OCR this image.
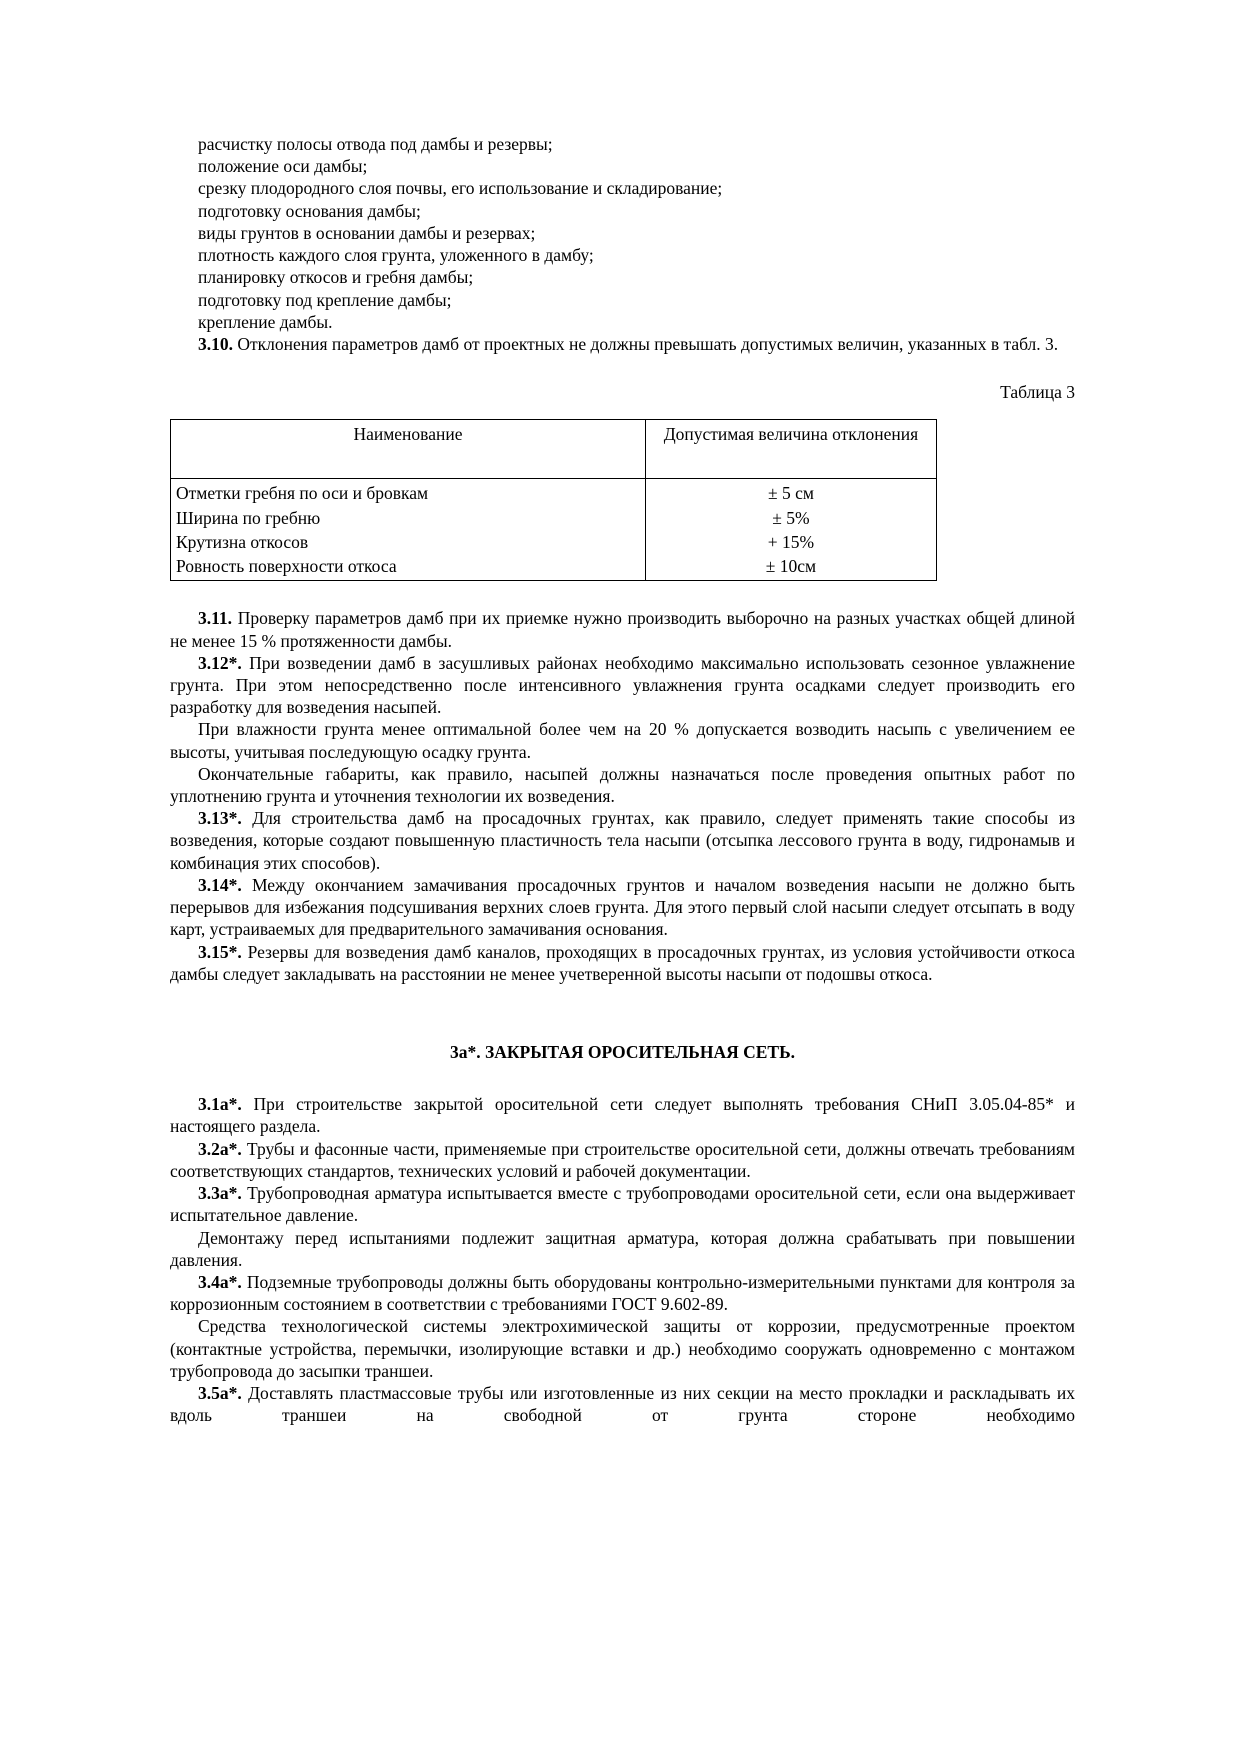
расчистку полосы отвода под дамбы и резервы;

положение оси дамбы;

срезку плодородного слоя почвы, его использование и складирование;

подготовку основания дамбы;

виды грунтов в основании дамбы и резервах;

плотность каждого слоя грунта, уложенного в дамбу;

планировку откосов и гребня дамбы;

подготовку под крепление дамбы;

крепление дамбы.

3.10. Отклонения параметров дамб от проектных не должны превышать допустимых величин, указанных в табл. 3.

Таблица 3

Наименование	Допустимая величина отклонения
Отметки гребня по оси и бровкам	± 5 см
Ширина по гребню	± 5%
Крутизна откосов	+ 15%
Ровность поверхности откоса	± 10см

3.11. Проверку параметров дамб при их приемке нужно производить выборочно на разных участках общей длиной не менее 15 % протяженности дамбы.

3.12*. При возведении дамб в засушливых районах необходимо максимально использовать сезонное увлажнение грунта. При этом непосредственно после интенсивного увлажнения грунта осадками следует производить его разработку для возведения насыпей.

При влажности грунта менее оптимальной более чем на 20 % допускается возводить насыпь с увеличением ее высоты, учитывая последующую осадку грунта.

Окончательные габариты, как правило, насыпей должны назначаться после проведения опытных работ по уплотнению грунта и уточнения технологии их возведения.

3.13*. Для строительства дамб на просадочных грунтах, как правило, следует применять такие способы из возведения, которые создают повышенную пластичность тела насыпи (отсыпка лессового грунта в воду, гидронамыв и комбинация этих способов).

3.14*. Между окончанием замачивания просадочных грунтов и началом возведения насыпи не должно быть перерывов для избежания подсушивания верхних слоев грунта. Для этого первый слой насыпи следует отсыпать в воду карт, устраиваемых для предварительного замачивания основания.

3.15*. Резервы для возведения дамб каналов, проходящих в просадочных грунтах, из условия устойчивости откоса дамбы следует закладывать на расстоянии не менее учетверенной высоты насыпи от подошвы откоса.

3а*. ЗАКРЫТАЯ ОРОСИТЕЛЬНАЯ СЕТЬ.

3.1а*. При строительстве закрытой оросительной сети следует выполнять требования СНиП 3.05.04-85* и настоящего раздела.

3.2а*. Трубы и фасонные части, применяемые при строительстве оросительной сети, должны отвечать требованиям соответствующих стандартов, технических условий и рабочей документации.

3.3а*. Трубопроводная арматура испытывается вместе с трубопроводами оросительной сети, если она выдерживает испытательное давление.

Демонтажу перед испытаниями подлежит защитная арматура, которая должна срабатывать при повышении давления.

3.4а*. Подземные трубопроводы должны быть оборудованы контрольно-измерительными пунктами для контроля за коррозионным состоянием в соответствии с требованиями ГОСТ 9.602-89.

Средства технологической системы электрохимической защиты от коррозии, предусмотренные проектом (контактные устройства, перемычки, изолирующие вставки и др.) необходимо сооружать одновременно с монтажом трубопровода до засыпки траншеи.

3.5а*. Доставлять пластмассовые трубы или изготовленные из них секции на место прокладки и раскладывать их вдоль траншеи на свободной от грунта стороне необходимо
